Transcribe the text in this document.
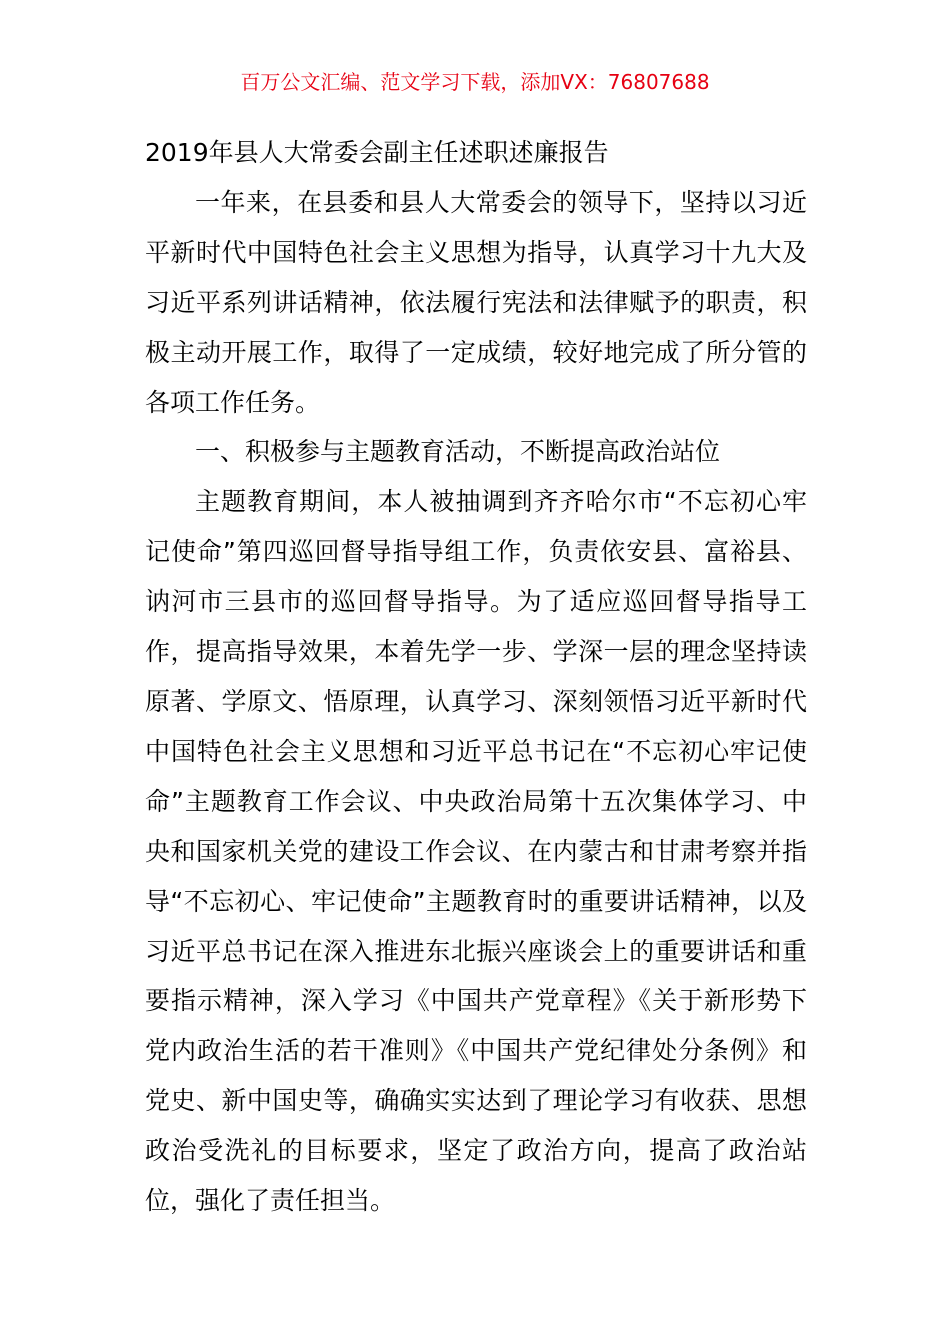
百万公文汇编、范文学习下载，添加VX：76807688
2019年县人大常委会副主任述职述廉报告

一年来，在县委和县人大常委会的领导下，坚持以习近平新时代中国特色社会主义思想为指导，认真学习十九大及习近平系列讲话精神，依法履行宪法和法律赋予的职责，积极主动开展工作，取得了一定成绩，较好地完成了所分管的各项工作任务。

一、积极参与主题教育活动，不断提高政治站位

主题教育期间，本人被抽调到齐齐哈尔市“不忘初心牢记使命”第四巡回督导指导组工作，负责依安县、富裕县、讷河市三县市的巡回督导指导。为了适应巡回督导指导工作，提高指导效果，本着先学一步、学深一层的理念坚持读原著、学原文、悟原理，认真学习、深刻领悟习近平新时代中国特色社会主义思想和习近平总书记在“不忘初心牢记使命”主题教育工作会议、中央政治局第十五次集体学习、中央和国家机关党的建设工作会议、在内蒙古和甘肃考察并指导“不忘初心、牢记使命”主题教育时的重要讲话精神，以及习近平总书记在深入推进东北振兴座谈会上的重要讲话和重要指示精神，深入学习《中国共产党章程》《关于新形势下党内政治生活的若干准则》《中国共产党纪律处分条例》和党史、新中国史等，确确实实达到了理论学习有收获、思想政治受洗礼的目标要求，坚定了政治方向，提高了政治站位，强化了责任担当。
